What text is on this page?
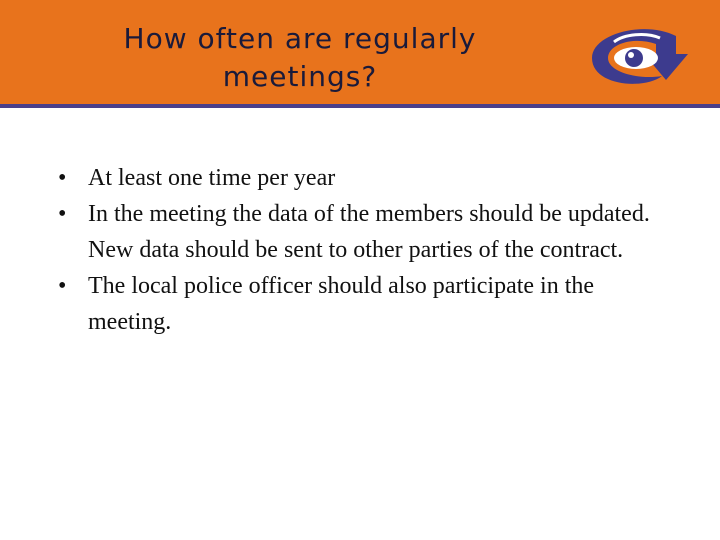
How often are regularly
meetings?
• At least one time per year
• In the meeting the data of the members should be updated. New data should be sent to other parties of the contract.
• The local police officer should also participate in the meeting.
